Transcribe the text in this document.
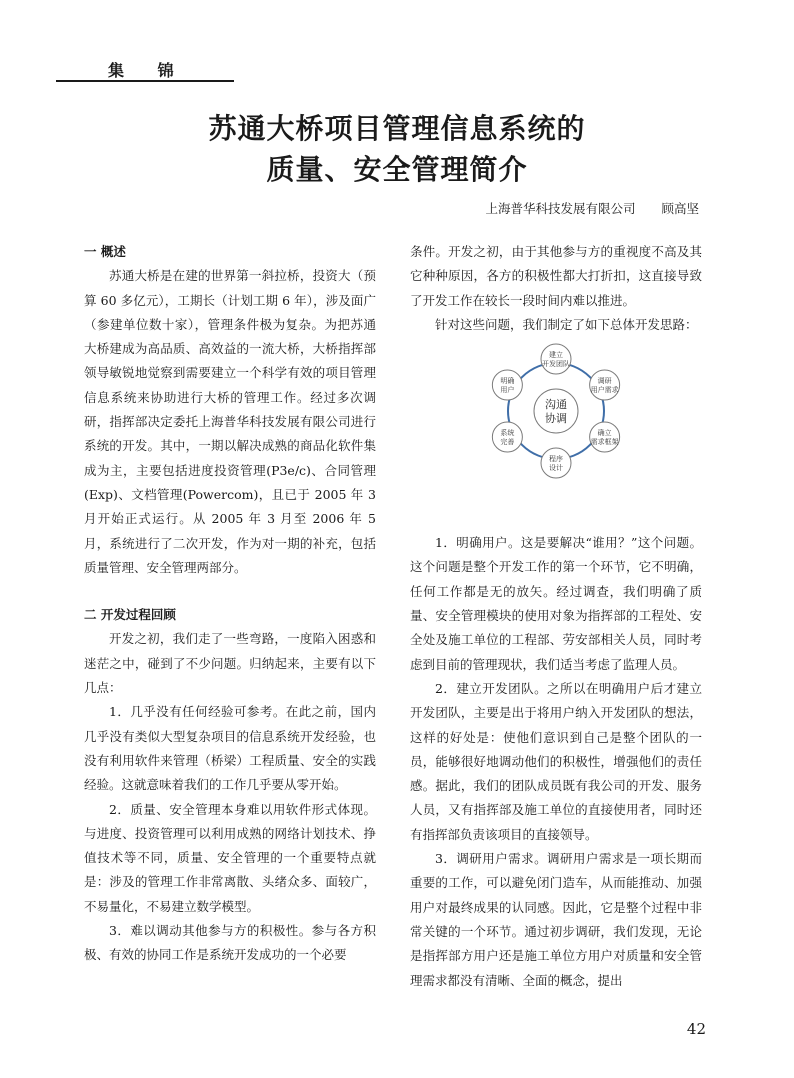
集 锦
苏通大桥项目管理信息系统的
质量、安全管理简介
上海普华科技发展有限公司 顾高坚
一 概述

苏通大桥是在建的世界第一斜拉桥，投资大（预算 60 多亿元），工期长（计划工期 6 年），涉及面广（参建单位数十家），管理条件极为复杂。为把苏通大桥建成为高品质、高效益的一流大桥，大桥指挥部领导敏锐地觉察到需要建立一个科学有效的项目管理信息系统来协助进行大桥的管理工作。经过多次调研，指挥部决定委托上海普华科技发展有限公司进行系统的开发。其中，一期以解决成熟的商品化软件集成为主，主要包括进度投资管理(P3e/c)、合同管理(Exp)、文档管理(Powercom)，且已于 2005 年 3 月开始正式运行。从 2005 年 3 月至 2006 年 5 月，系统进行了二次开发，作为对一期的补充，包括质量管理、安全管理两部分。

二 开发过程回顾

开发之初，我们走了一些弯路，一度陷入困惑和迷茫之中，碰到了不少问题。归纳起来，主要有以下几点：

1．几乎没有任何经验可参考。在此之前，国内几乎没有类似大型复杂项目的信息系统开发经验，也没有利用软件来管理（桥梁）工程质量、安全的实践经验。这就意味着我们的工作几乎要从零开始。

2．质量、安全管理本身难以用软件形式体现。与进度、投资管理可以利用成熟的网络计划技术、挣值技术等不同，质量、安全管理的一个重要特点就是：涉及的管理工作非常离散、头绪众多、面较广，不易量化，不易建立数学模型。

3．难以调动其他参与方的积极性。参与各方积极、有效的协同工作是系统开发成功的一个必要

条件。开发之初，由于其他参与方的重视度不高及其它种种原因，各方的积极性都大打折扣，这直接导致了开发工作在较长一段时间内难以推进。

针对这些问题，我们制定了如下总体开发思路：

沟通
协调
建立
开发团队
调研
用户需求
确立
需求框架
程序
设计
系统
完善
明确
用户

1．明确用户。这是要解决“谁用？”这个问题。这个问题是整个开发工作的第一个环节，它不明确，任何工作都是无的放矢。经过调查，我们明确了质量、安全管理模块的使用对象为指挥部的工程处、安全处及施工单位的工程部、劳安部相关人员，同时考虑到目前的管理现状，我们适当考虑了监理人员。

2．建立开发团队。之所以在明确用户后才建立开发团队，主要是出于将用户纳入开发团队的想法，这样的好处是：使他们意识到自己是整个团队的一员，能够很好地调动他们的积极性，增强他们的责任感。据此，我们的团队成员既有我公司的开发、服务人员，又有指挥部及施工单位的直接使用者，同时还有指挥部负责该项目的直接领导。

3．调研用户需求。调研用户需求是一项长期而重要的工作，可以避免闭门造车，从而能推动、加强用户对最终成果的认同感。因此，它是整个过程中非常关键的一个环节。通过初步调研，我们发现，无论是指挥部方用户还是施工单位方用户对质量和安全管理需求都没有清晰、全面的概念，提出

42
